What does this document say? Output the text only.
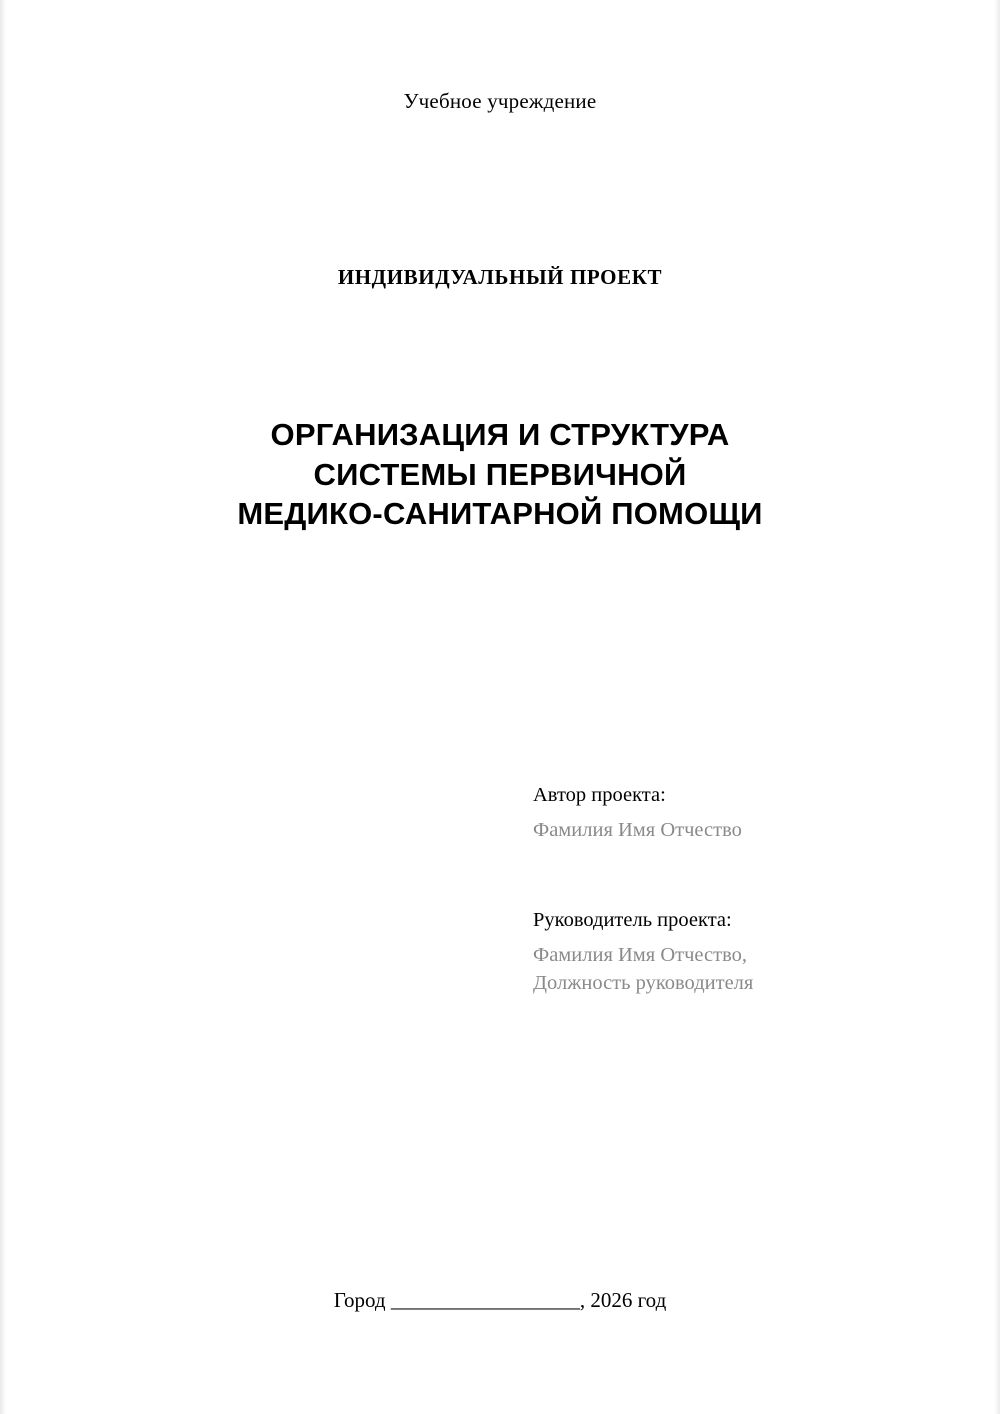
Учебное учреждение
ИНДИВИДУАЛЬНЫЙ ПРОЕКТ
ОРГАНИЗАЦИЯ И СТРУКТУРА
СИСТЕМЫ ПЕРВИЧНОЙ
МЕДИКО-САНИТАРНОЙ ПОМОЩИ
Автор проекта:
Фамилия Имя Отчество
Руководитель проекта:
Фамилия Имя Отчество,
Должность руководителя
Город __________________, 2026 год
